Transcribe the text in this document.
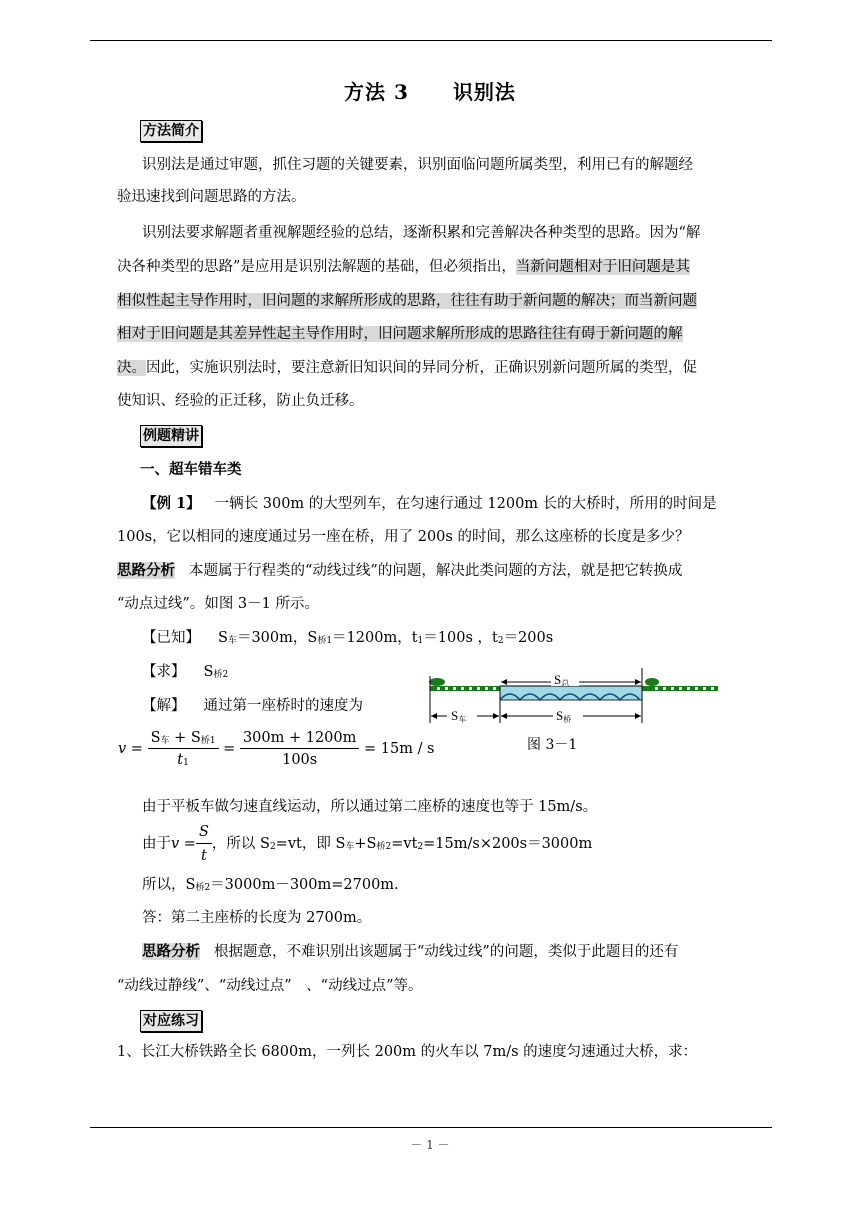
方法 3 识别法
方法简介
识别法是通过审题，抓住习题的关键要素，识别面临问题所属类型，利用已有的解题经
验迅速找到问题思路的方法。
识别法要求解题者重视解题经验的总结，逐渐积累和完善解决各种类型的思路。因为“解
决各种类型的思路”是应用是识别法解题的基础，但必须指出，当新问题相对于旧问题是其
相似性起主导作用时，旧问题的求解所形成的思路，往往有助于新问题的解决；而当新问题
相对于旧问题是其差异性起主导作用时，旧问题求解所形成的思路往往有碍于新问题的解
决。因此，实施识别法时，要注意新旧知识间的异同分析，正确识别新问题所属的类型，促
使知识、经验的正迁移，防止负迁移。
例题精讲
一、超车错车类
【例 1】 一辆长 300m 的大型列车，在匀速行通过 1200m 长的大桥时，所用的时间是
100s，它以相同的速度通过另一座在桥，用了 200s 的时间，那么这座桥的长度是多少？
思路分析 本题属于行程类的“动线过线”的问题，解决此类问题的方法，就是把它转换成
“动点过线”。如图 3－1 所示。
【已知】 S车＝300m，S桥1＝1200m，t1＝100s ，t2＝200s
【求】 S桥2
【解】 通过第一座桥时的速度为
S总
S车	S桥
图 3－1
$v = \frac{\text{S车 + S桥1}}{t1} = \frac{300m + 1200m}{100s} = 15m / s$
由于平板车做匀速直线运动，所以通过第二座桥的速度也等于 15m/s。
由于$v = \frac{S}{t}$ ，所以 S2=vt，即 S车+S桥2=vt2=15m/s×200s＝3000m
所以，S桥2＝3000m－300m=2700m.
答：第二主座桥的长度为 2700m。
思路分析 根据题意，不难识别出该题属于“动线过线”的问题，类似于此题目的还有
“动线过静线”、“动线过点”　、“动线过点”等。
对应练习
1、长江大桥铁路全长 6800m，一列长 200m 的火车以 7m/s 的速度匀速通过大桥，求：
－ 1 －
